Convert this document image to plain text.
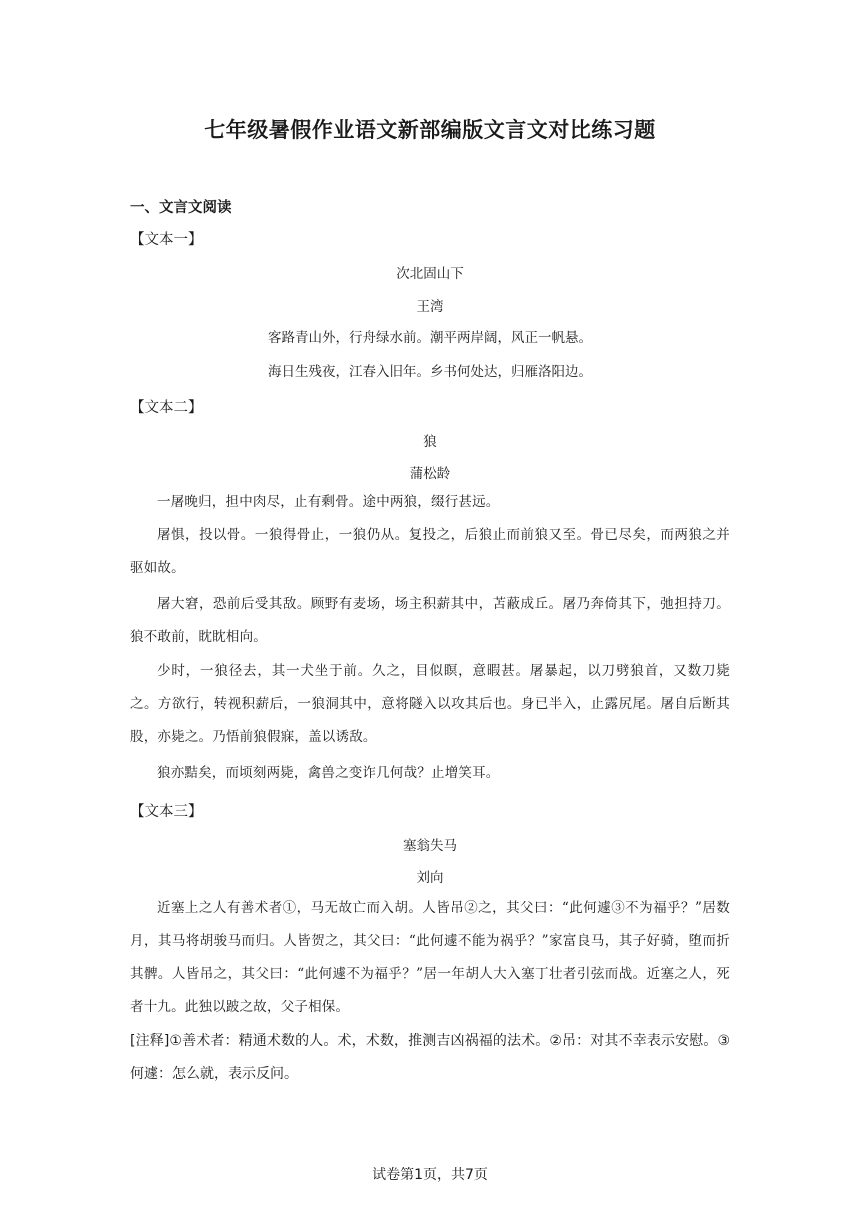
七年级暑假作业语文新部编版文言文对比练习题
一、文言文阅读
【文本一】
次北固山下
王湾
客路青山外，行舟绿水前。潮平两岸阔，风正一帆悬。
海日生残夜，江春入旧年。乡书何处达，归雁洛阳边。
【文本二】
狼
蒲松龄
一屠晚归，担中肉尽，止有剩骨。途中两狼，缀行甚远。
屠惧，投以骨。一狼得骨止，一狼仍从。复投之，后狼止而前狼又至。骨已尽矣，而两狼之并驱如故。
屠大窘，恐前后受其敌。顾野有麦场，场主积薪其中，苫蔽成丘。屠乃奔倚其下，弛担持刀。狼不敢前，眈眈相向。
少时，一狼径去，其一犬坐于前。久之，目似瞑，意暇甚。屠暴起，以刀劈狼首，又数刀毙之。方欲行，转视积薪后，一狼洞其中，意将隧入以攻其后也。身已半入，止露尻尾。屠自后断其股，亦毙之。乃悟前狼假寐，盖以诱敌。
狼亦黠矣，而顷刻两毙，禽兽之变诈几何哉？止增笑耳。
【文本三】
塞翁失马
刘向
近塞上之人有善术者①，马无故亡而入胡。人皆吊②之，其父曰：“此何遽③不为福乎？”居数月，其马将胡骏马而归。人皆贺之，其父曰：“此何遽不能为祸乎？”家富良马，其子好骑，堕而折其髀。人皆吊之，其父曰：“此何遽不为福乎？”居一年胡人大入塞丁壮者引弦而战。近塞之人，死者十九。此独以跛之故，父子相保。
[注释]①善术者：精通术数的人。术，术数，推测吉凶祸福的法术。②吊：对其不幸表示安慰。③何遽：怎么就，表示反问。
试卷第1页，共7页
